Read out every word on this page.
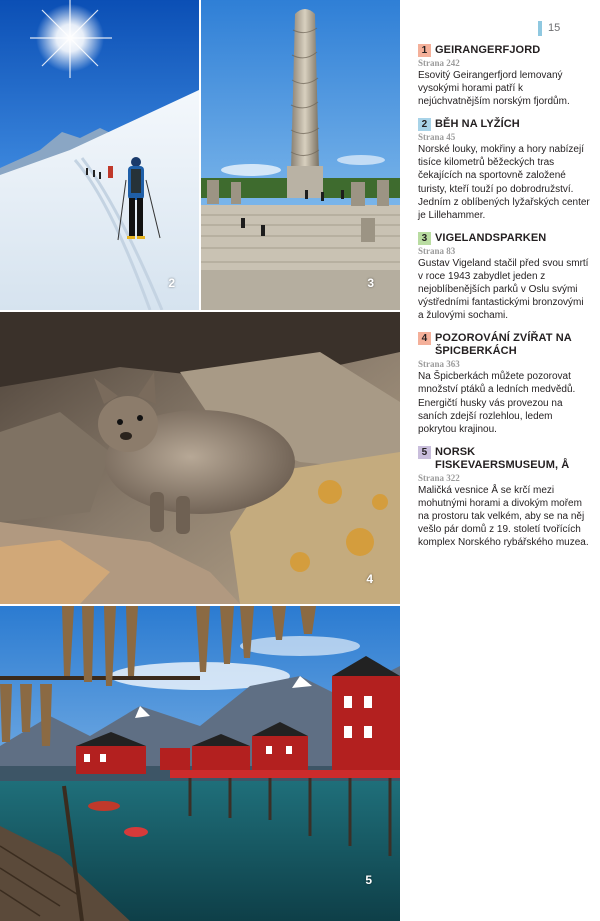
2	3
4
5
15
1 GEIRANGERFJORD
Strana 242
Esovitý Geirangerfjord lemovaný vysokými horami patří k nejúchvatnějším norským fjordům.
2 BĚH NA LYŽÍCH
Strana 45
Norské louky, mokřiny a hory nabízejí tisíce kilometrů běžeckých tras čekajících na sportovně založené turisty, kteří touží po dobrodružství. Jedním z oblíbených lyžařských center je Lillehammer.
3 VIGELANDSPARKEN
Strana 83
Gustav Vigeland stačil před svou smrtí v roce 1943 zabydlet jeden z nejoblíbenějších parků v Oslu svými výstředními fantastickými bronzovými a žulovými sochami.
4 POZOROVÁNÍ ZVÍŘAT NA ŠPICBERKÁCH
Strana 363
Na Špicberkách můžete pozorovat množství ptáků a ledních medvědů. Energičtí husky vás provezou na saních zdejší rozlehlou, ledem pokrytou krajinou.
5 NORSK FISKEVAERSMUSEUM, Å
Strana 322
Maličká vesnice Å se krčí mezi mohutnými horami a divokým mořem na prostoru tak velkém, aby se na něj vešlo pár domů z 19. století tvořících komplex Norského rybářského muzea.
